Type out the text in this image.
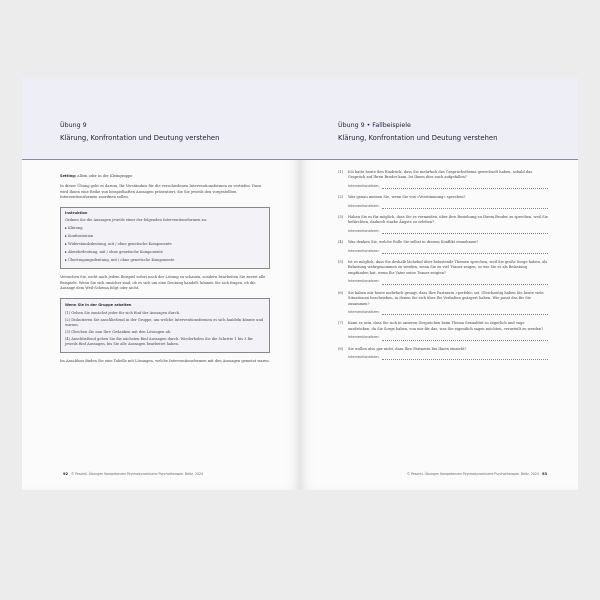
Übung 9
Klärung, Konfrontation und Deutung verstehen
Setting: allein oder in der Kleingruppe
In dieser Übung geht es darum, Ihr Verständnis für die verschiedenen Interventionsformen zu vertiefen. Dazu wird Ihnen eine Reihe von beispielhaften Aussagen präsentiert, die Sie jeweils den vorgestellten Interventionsformen zuordnen sollen.
Instruktion
Ordnen Sie die Aussagen jeweils einer der folgenden Interventionsformen zu:
▸ Klärung
▸ Konfrontation
▸ Widerstandsdeutung, mit / ohne genetische Komponente
▸ Abwehrdeutung, mit / ohne genetische Komponente
▸ Übertragungsdeutung, mit / ohne genetische Komponente
Versuchen Sie, nicht nach jedem Beispiel sofort nach der Lösung zu schauen, sondern bearbeiten Sie zuerst alle Beispiele. Wenn Sie sich unsicher sind, ob es sich um eine Deutung handelt, können Sie sich fragen, ob die Aussage dem Weil-Schema folgt oder nicht.
Wenn Sie in der Gruppe arbeiten
(1) Gehen Sie zunächst jeder für sich fünf der Aussagen durch.
(2) Diskutieren Sie anschließend in der Gruppe, um welche Interventionsformen es sich handeln könnte und warum.
(3) Gleichen Sie nun Ihre Gedanken mit den Lösungen ab.
(4) Anschließend gehen Sie die nächsten fünf Aussagen durch. Wiederholen Sie die Schritte 1 bis 3 für jeweils fünf Aussagen, bis Sie alle Aussagen bearbeitet haben.
Im Anschluss finden Sie eine Tabelle mit Lösungen, welche Interventionsformen mit den Aussagen gemeint waren.
92 © Pesonti. Übungen Kompetenzen Psychodynamische Psychotherapie. Beltz, 2024
Übung 9 • Fallbeispiele
Klärung, Konfrontation und Deutung verstehen
(1) Ich hatte heute den Eindruck, dass Sie mehrfach das Gesprächsthema gewechselt haben, sobald das Gespräch auf Ihren Bruder kam. Ist Ihnen dies auch aufgefallen?
Interventionsform:
(2) Was genau meinen Sie, wenn Sie von »Verstimmung« sprechen?
Interventionsform:
(3) Haben Sie es für möglich, dass Sie es vermeiden, über ihre Beziehung zu Ihrem Bruder zu sprechen, weil Sie befürchten, dadurch starke Ängste zu erleben?
Interventionsform:
(4) Was denken Sie, welche Rolle Sie selbst in diesem Konflikt einnehmen?
Interventionsform:
(5) Ist es möglich, dass Sie deshalb lächelnd über belastende Themen sprechen, weil Sie große Sorge haben, als Belastung wahrgenommen zu werden, wenn Sie zu viel Trauer zeigen, so wie Sie es als Belastung empfunden hat, wenn Ihr Vater seine Trauer zeigten?
Interventionsform:
(6) Sie haben mir heute mehrfach gesagt, dass Ihre Partnerin »perfekt« sei. Gleichzeitig haben Sie heute viele Situationen beschrieben, in denen Sie sich über Ihr Verhalten geärgert haben. Wie passt das für Sie zusammen?
Interventionsform:
(7) Kann es sein, dass Sie sich in unseren Gesprächen beim Thema Sexualität so zögerlich und vage ausdrücken, da Sie Sorge haben, von mir für das, was Sie eigentlich sagen möchten, verurteilt zu werden?
Interventionsform:
(8) Sie wollen also gar nicht, dass Ihre Partnerin bei Ihnen einzieht?
Interventionsform:
© Pesonti. Übungen Kompetenzen Psychodynamische Psychotherapie. Beltz, 2024 93
